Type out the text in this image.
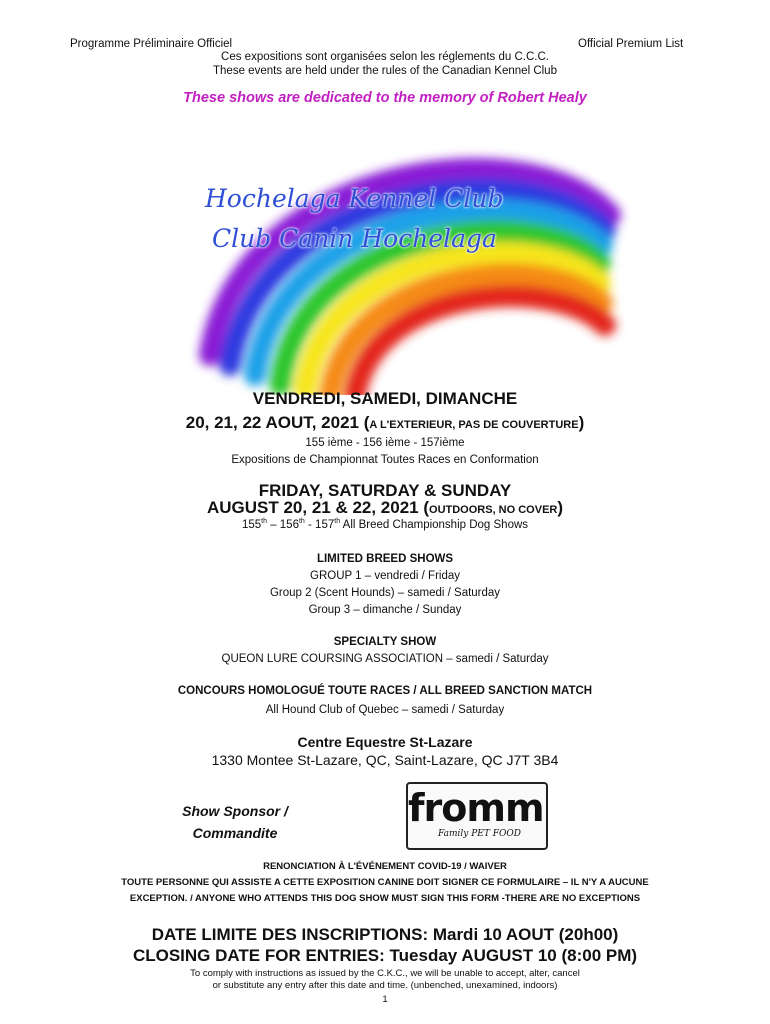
Programme Préliminaire Officiel	Official Premium List
Ces expositions sont organisées selon les réglements du C.C.C.
These events are held under the rules of the Canadian Kennel Club
These shows are dedicated to the memory of Robert Healy
Hochelaga Kennel Club
Club Canin Hochelaga
VENDREDI, SAMEDI, DIMANCHE
20, 21, 22 AOUT, 2021 (A L'EXTERIEUR, PAS DE COUVERTURE)
155 ième - 156 ième - 157ième
Expositions de Championnat Toutes Races en Conformation
FRIDAY, SATURDAY & SUNDAY
AUGUST 20, 21 & 22, 2021 (OUTDOORS, NO COVER)
155th – 156th - 157th All Breed Championship Dog Shows
LIMITED BREED SHOWS
GROUP 1 – vendredi / Friday
Group 2 (Scent Hounds) – samedi / Saturday
Group 3 – dimanche / Sunday
SPECIALTY SHOW
QUEON LURE COURSING ASSOCIATION – samedi / Saturday
CONCOURS HOMOLOGUÉ TOUTE RACES / ALL BREED SANCTION MATCH
All Hound Club of Quebec – samedi / Saturday
Centre Equestre St-Lazare
1330 Montee St-Lazare, QC, Saint-Lazare, QC J7T 3B4
Show Sponsor /
Commandite
fromm
Family PET FOOD
RENONCIATION À L'ÉVÉNEMENT COVID-19 / WAIVER
TOUTE PERSONNE QUI ASSISTE A CETTE EXPOSITION CANINE DOIT SIGNER CE FORMULAIRE – IL N'Y A AUCUNE
EXCEPTION. / ANYONE WHO ATTENDS THIS DOG SHOW MUST SIGN THIS FORM -THERE ARE NO EXCEPTIONS
DATE LIMITE DES INSCRIPTIONS: Mardi 10 AOUT (20h00)
CLOSING DATE FOR ENTRIES: Tuesday AUGUST 10 (8:00 PM)
To comply with instructions as issued by the C.K.C., we will be unable to accept, alter, cancel
or substitute any entry after this date and time. (unbenched, unexamined, indoors)
1
